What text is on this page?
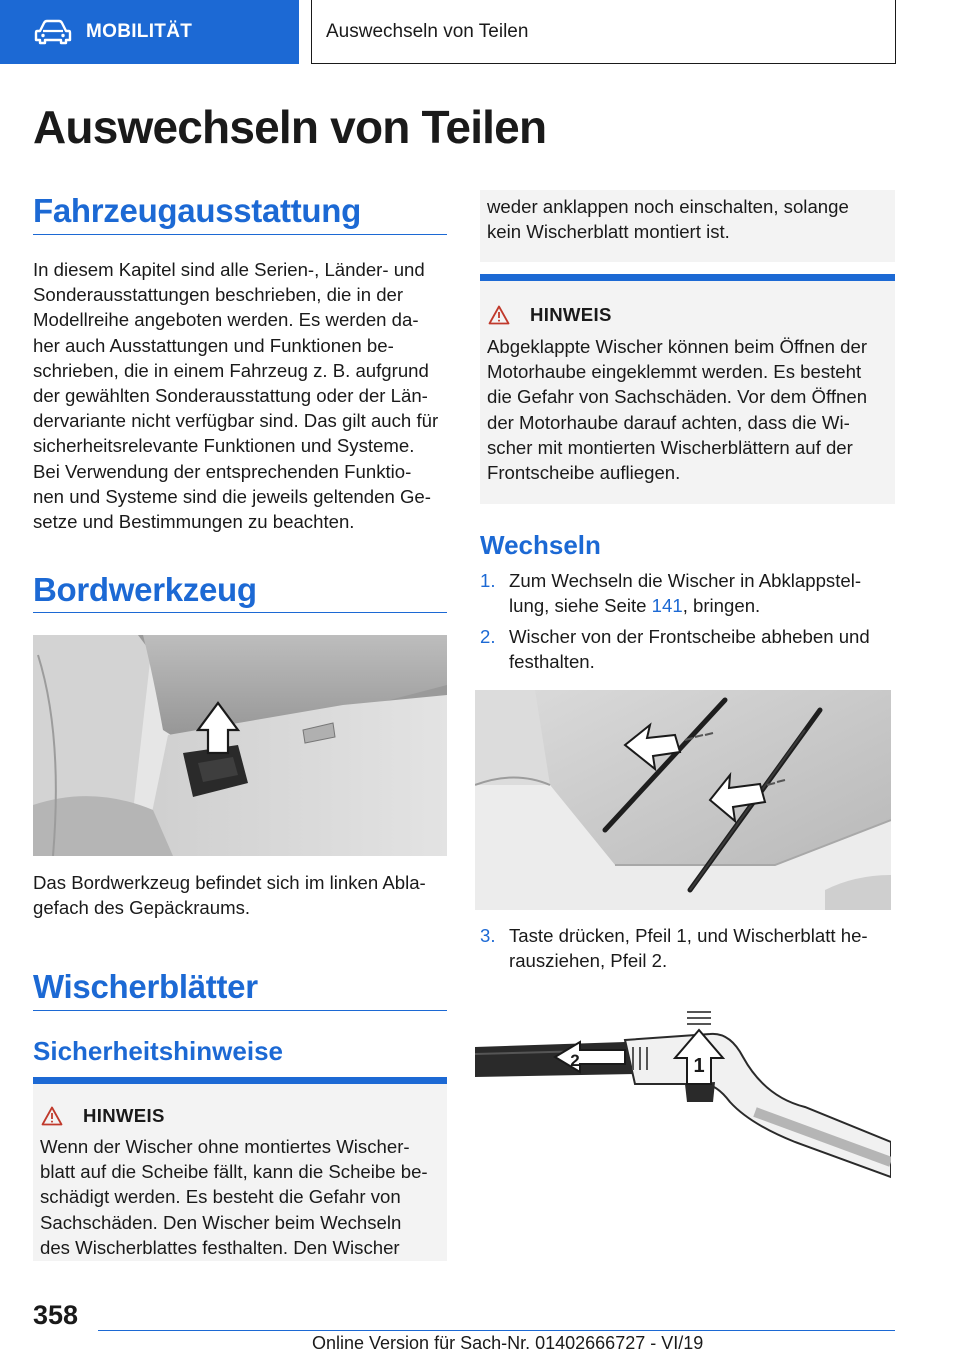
MOBILITÄT	Auswechseln von Teilen
Auswechseln von Teilen
Fahrzeugausstattung
In diesem Kapitel sind alle Serien-, Länder- und
Sonderausstattungen beschrieben, die in der
Modellreihe angeboten werden. Es werden da-
her auch Ausstattungen und Funktionen be-
schrieben, die in einem Fahrzeug z. B. aufgrund
der gewählten Sonderausstattung oder der Län-
dervariante nicht verfügbar sind. Das gilt auch für
sicherheitsrelevante Funktionen und Systeme.
Bei Verwendung der entsprechenden Funktio-
nen und Systeme sind die jeweils geltenden Ge-
setze und Bestimmungen zu beachten.
Bordwerkzeug
Das Bordwerkzeug befindet sich im linken Abla-
gefach des Gepäckraums.
Wischerblätter
Sicherheitshinweise
HINWEIS
Wenn der Wischer ohne montiertes Wischer-
blatt auf die Scheibe fällt, kann die Scheibe be-
schädigt werden. Es besteht die Gefahr von
Sachschäden. Den Wischer beim Wechseln
des Wischerblattes festhalten. Den Wischer
weder anklappen noch einschalten, solange
kein Wischerblatt montiert ist.
HINWEIS
Abgeklappte Wischer können beim Öffnen der
Motorhaube eingeklemmt werden. Es besteht
die Gefahr von Sachschäden. Vor dem Öffnen
der Motorhaube darauf achten, dass die Wi-
scher mit montierten Wischerblättern auf der
Frontscheibe aufliegen.
Wechseln
1. Zum Wechseln die Wischer in Abklappstel-
lung, siehe Seite 141, bringen.
2. Wischer von der Frontscheibe abheben und
festhalten.
3. Taste drücken, Pfeil 1, und Wischerblatt he-
rausziehen, Pfeil 2.
1
2
358
Online Version für Sach-Nr. 01402666727 - VI/19
